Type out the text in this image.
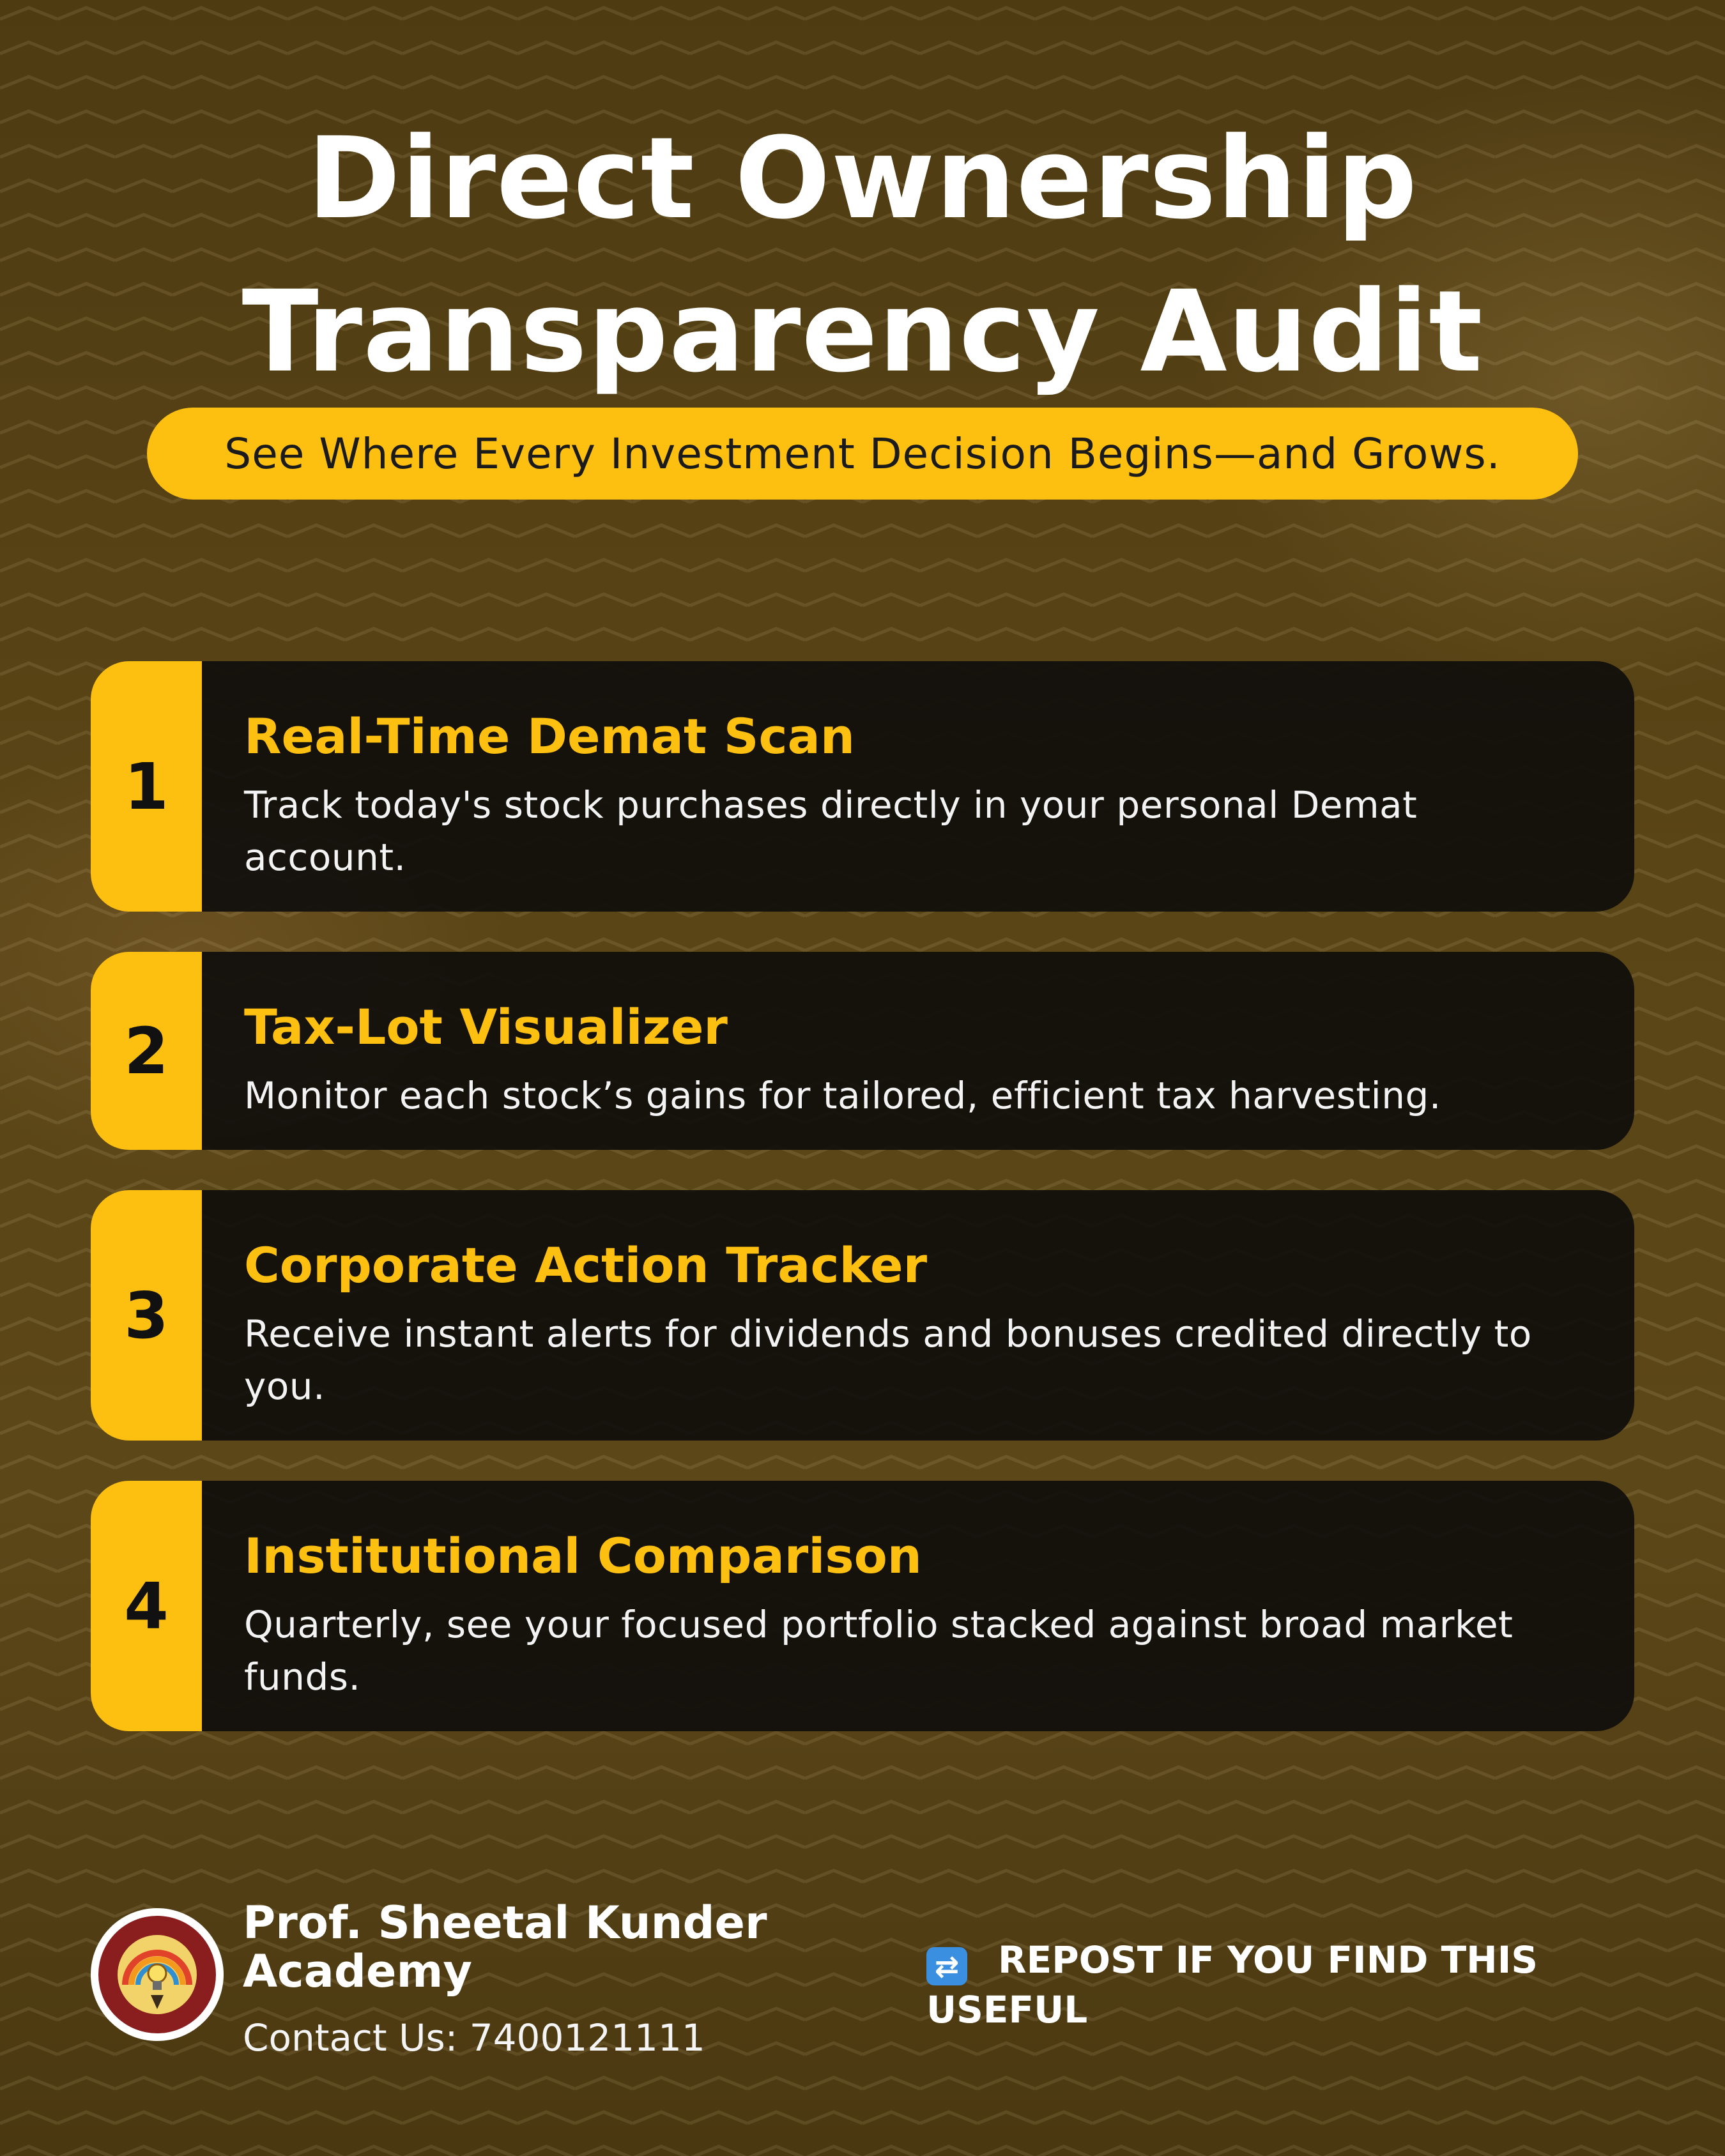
Direct Ownership
Transparency Audit
See Where Every Investment Decision Begins—and Grows.
1
Real-Time Demat Scan
Track today's stock purchases directly in your personal Demat account.
2	Tax-Lot Visualizer
Monitor each stock’s gains for tailored, efficient tax harvesting.
3
Corporate Action Tracker
Receive instant alerts for dividends and bonuses credited directly to you.
4
Institutional Comparison
Quarterly, see your focused portfolio stacked against broad market funds.
Prof. Sheetal Kunder
Academy
Contact Us: 7400121111
⇄ REPOST IF YOU FIND THIS USEFUL
